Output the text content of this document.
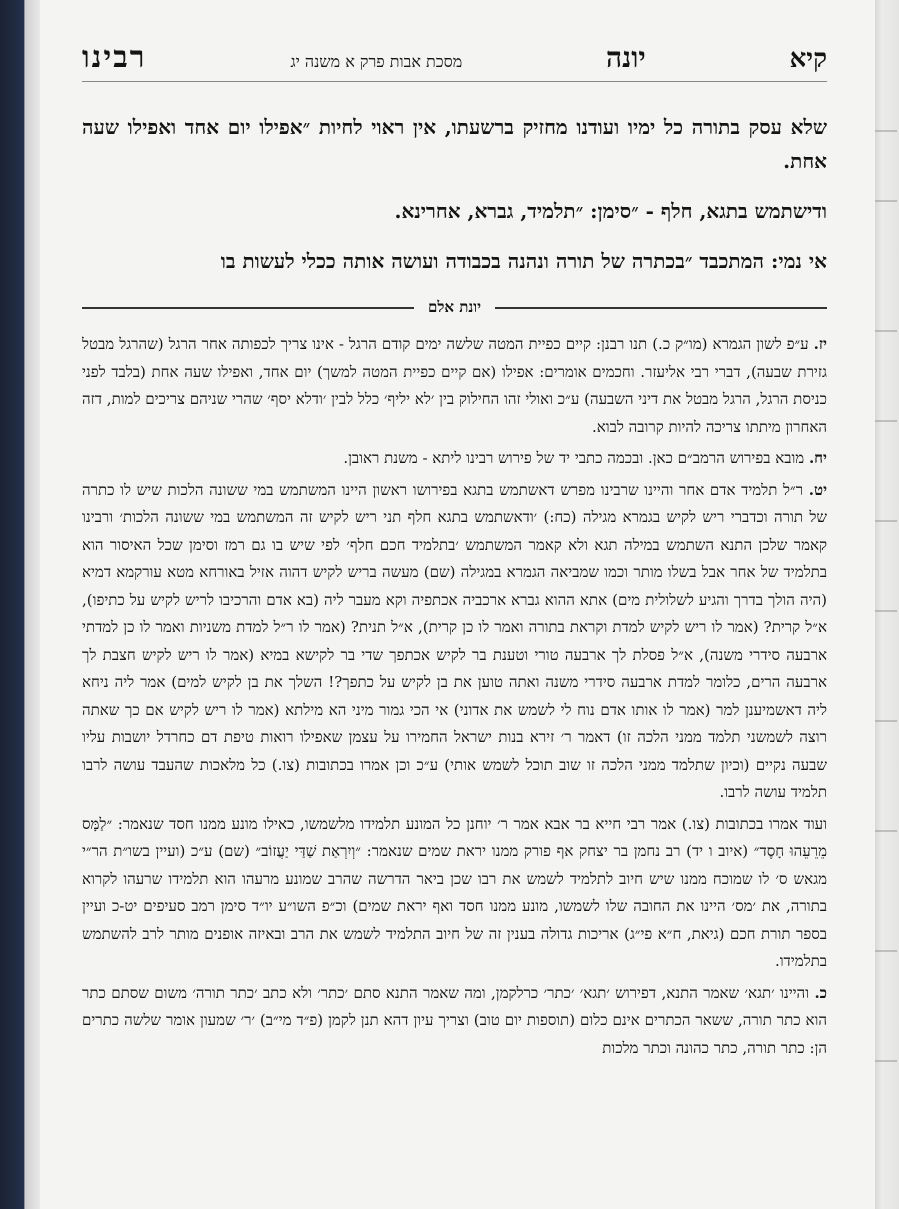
קיא
יונה
מסכת אבות פרק א משנה יג
רבינו

שלא עסק בתורה כל ימיו ועודנו מחזיק ברשעתו, אין ראוי לחיות ״אפילו יום אחד ואפילו שעה אחת.

ודישתמש בתגא, חלף - ״סימן: ״תלמיד, גברא, אחרינא.

אי נמי: המתכבד ״בכתרה של תורה ונהנה בכבודה ועושה אותה ככלי לעשות בו

יונת אלם

יז. ע״פ לשון הגמרא (מו״ק כ.) תנו רבנן: קיים כפיית המטה שלשה ימים קודם הרגל - אינו צריך לכפותה אחר הרגל (שהרגל מבטל גזירת שבעה), דברי רבי אליעזר. וחכמים אומרים: אפילו (אם קיים כפיית המטה למשך) יום אחד, ואפילו שעה אחת (בלבד לפני כניסת הרגל, הרגל מבטל את דיני השבעה) ע״כ ואולי זהו החילוק בין ׳לא יליף׳ כלל לבין ׳ודלא יסף׳ שהרי שניהם צריכים למות, דזה האחרון מיתתו צריכה להיות קרובה לבוא.

יח. מובא בפירוש הרמב״ם כאן. ובכמה כתבי יד של פירוש רבינו ליתא - משנת ראובן.

יט. ר״ל תלמיד אדם אחר והיינו שרבינו מפרש דאשתמש בתגא בפירושו ראשון היינו המשתמש במי ששונה הלכות שיש לו כתרה של תורה וכדברי ריש לקיש בגמרא מגילה (כח:) ׳ודאשתמש בתגא חלף תני ריש לקיש זה המשתמש במי ששונה הלכות׳ ורבינו קאמר שלכן התנא השתמש במילה תגא ולא קאמר המשתמש ׳בתלמיד חכם חלף׳ לפי שיש בו גם רמז וסימן שכל האיסור הוא בתלמיד של אחר אבל בשלו מותר וכמו שמביאה הגמרא במגילה (שם) מעשה בריש לקיש דהוה אזיל באורחא מטא עורקמא דמיא (היה הולך בדרך והגיע לשלולית מים) אתא ההוא גברא ארכביה אכתפיה וקא מעבר ליה (בא אדם והרכיבו לריש לקיש על כתיפו), א״ל קרית? (אמר לו ריש לקיש למדת וקראת בתורה ואמר לו כן קרית), א״ל תנית? (אמר לו ר״ל למדת משניות ואמר לו כן למדתי ארבעה סידרי משנה), א״ל פסלת לך ארבעה טורי וטענת בר לקיש אכתפך שדי בר לקישא במיא (אמר לו ריש לקיש חצבת לך ארבעה הרים, כלומר למדת ארבעה סידרי משנה ואתה טוען את בן לקיש על כתפך?! השלך את בן לקיש למים) אמר ליה ניחא ליה דאשמיענן למר (אמר לו אותו אדם נוח לי לשמש את אדוני) אי הכי גמור מיני הא מילתא (אמר לו ריש לקיש אם כך שאתה רוצה לשמשני תלמד ממני הלכה זו) דאמר ר׳ זירא בנות ישראל החמירו על עצמן שאפילו רואות טיפת דם כחרדל יושבות עליו שבעה נקיים (וכיון שתלמד ממני הלכה זו שוב תוכל לשמש אותי) ע״כ וכן אמרו בכתובות (צו.) כל מלאכות שהעבד עושה לרבו תלמיד עושה לרבו.

ועוד אמרו בכתובות (צו.) אמר רבי חייא בר אבא אמר ר׳ יוחנן כל המונע תלמידו מלשמשו, כאילו מונע ממנו חסד שנאמר: ״לַמָּס מֵרֵעֵהוּ חָסֶד״ (איוב ו יד) רב נחמן בר יצחק אף פורק ממנו יראת שמים שנאמר: ״וְיִרְאַת שַׁדַּי יַעֲזוֹב״ (שם) ע״כ (ועיין בשו״ת הר״י מגאש ס׳ לו שמוכח ממנו שיש חיוב לתלמיד לשמש את רבו שכן ביאר הדרשה שהרב שמונע מרעהו הוא תלמידו שרעהו לקרוא בתורה, את ׳מס׳ היינו את החובה שלו לשמשו, מונע ממנו חסד ואף יראת שמים) וכ״פ השו״ע יו״ד סימן רמב סעיפים יט-כ ועיין בספר תורת חכם (גיאת, ח״א פי״ג) אריכות גדולה בענין זה של חיוב התלמיד לשמש את הרב ובאיזה אופנים מותר לרב להשתמש בתלמידו.

כ. והיינו ׳תגא׳ שאמר התנא, דפירוש ׳תגא׳ ׳כתר׳ כרלקמן, ומה שאמר התנא סתם ׳כתר׳ ולא כתב ׳כתר תורה׳ משום שסתם כתר הוא כתר תורה, ששאר הכתרים אינם כלום (תוספות יום טוב) וצריך עיון דהא תנן לקמן (פ״ד מי״ב) ׳ר׳ שמעון אומר שלשה כתרים הן: כתר תורה, כתר כהונה וכתר מלכות
